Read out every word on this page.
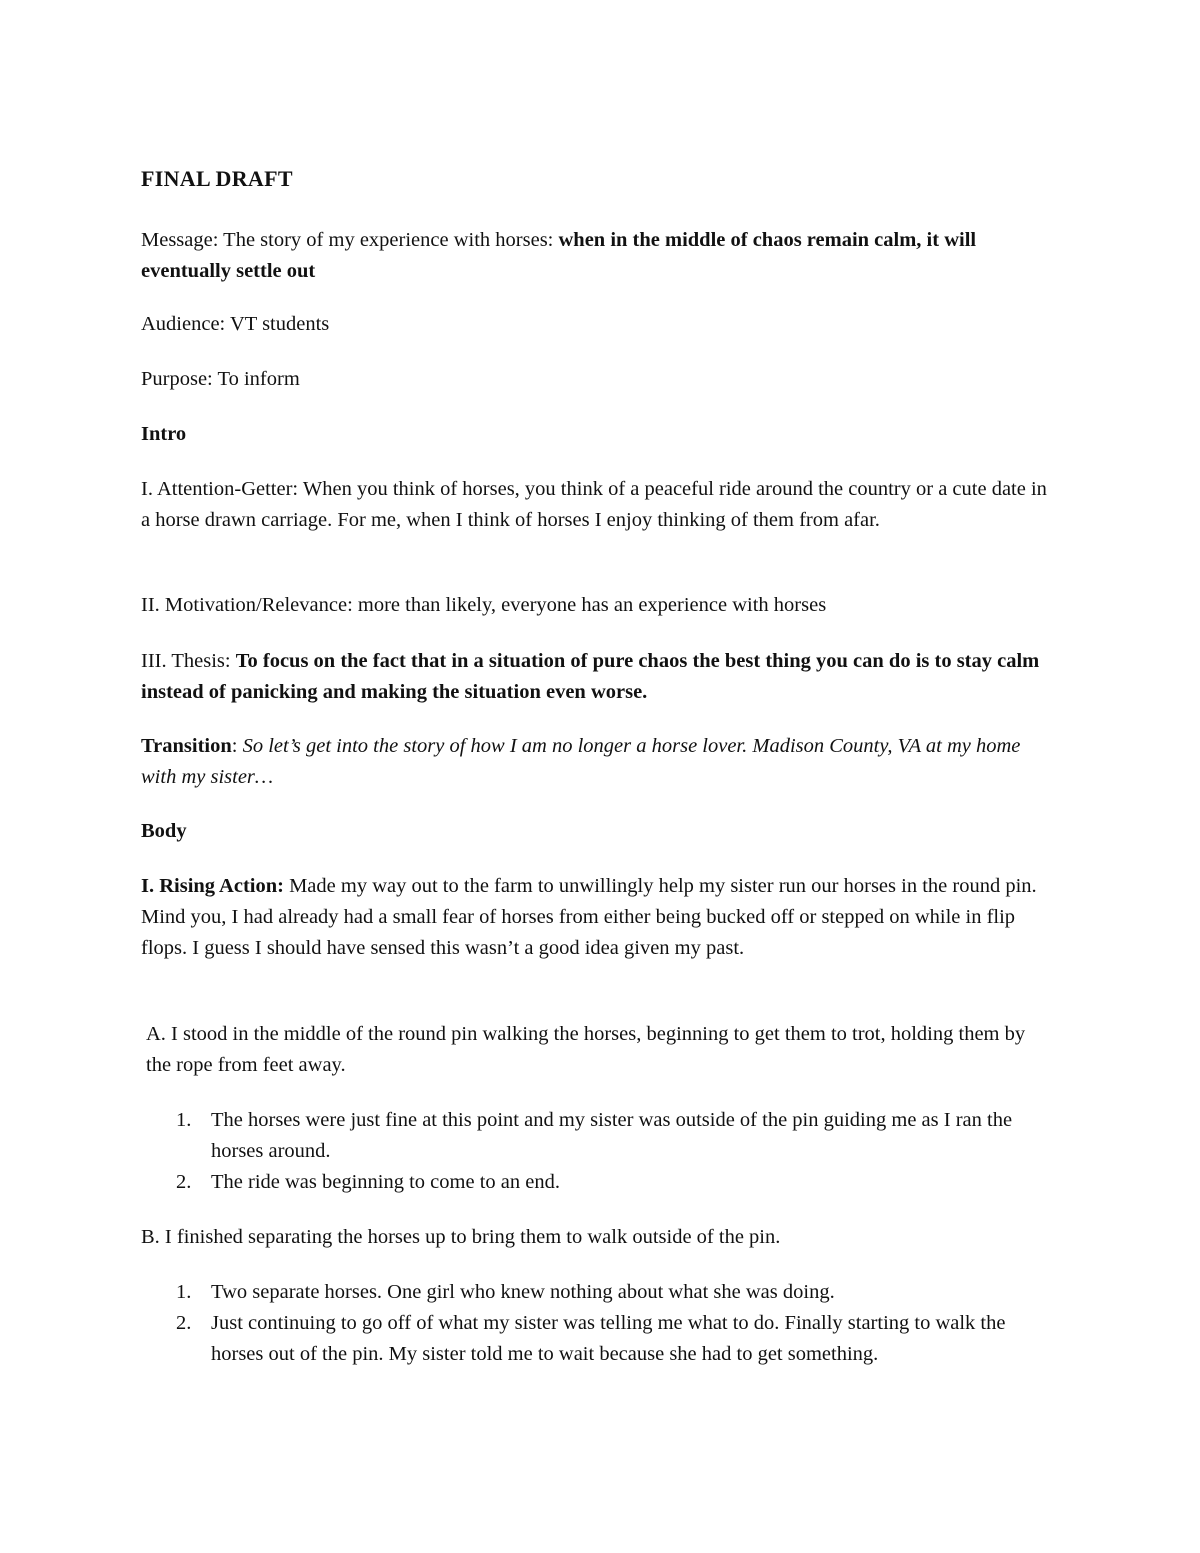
FINAL DRAFT
Message: The story of my experience with horses: when in the middle of chaos remain calm, it will eventually settle out
Audience: VT students
Purpose: To inform
Intro
I. Attention-Getter: When you think of horses, you think of a peaceful ride around the country or a cute date in a horse drawn carriage. For me, when I think of horses I enjoy thinking of them from afar.
II. Motivation/Relevance: more than likely, everyone has an experience with horses
III. Thesis: To focus on the fact that in a situation of pure chaos the best thing you can do is to stay calm instead of panicking and making the situation even worse.
Transition: So let’s get into the story of how I am no longer a horse lover. Madison County, VA at my home with my sister…
Body
I. Rising Action: Made my way out to the farm to unwillingly help my sister run our horses in the round pin. Mind you, I had already had a small fear of horses from either being bucked off or stepped on while in flip flops. I guess I should have sensed this wasn’t a good idea given my past.
A. I stood in the middle of the round pin walking the horses, beginning to get them to trot, holding them by the rope from feet away.
1. The horses were just fine at this point and my sister was outside of the pin guiding me as I ran the horses around.
2. The ride was beginning to come to an end.
B. I finished separating the horses up to bring them to walk outside of the pin.
1. Two separate horses. One girl who knew nothing about what she was doing.
2. Just continuing to go off of what my sister was telling me what to do. Finally starting to walk the horses out of the pin. My sister told me to wait because she had to get something.
